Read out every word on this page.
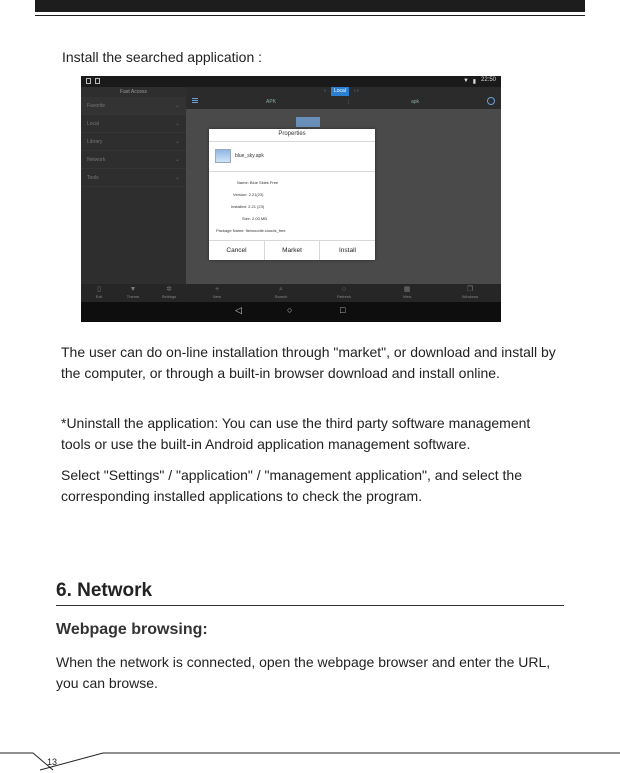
Install the searched application :
▼ ▮ 22:50
Fast Access
Favorite	⌄
Local	⌄
Library	⌄
Network	⌄
Tools	⌄
‹	Local	› ›
APK	⋮	apk
▯
Exit
▼
Theme
✲
Settings
+
New
⌕
Search
○
Refresh
▦
View
❐
Windows
◁	○	□
Properties
blue_sky.apk
Name: Blue Skies Free
Version: 2.21(23)
Installed: 2.21 (23)
Size: 2.00 MB
Package Name: fishnoodle.clouds_free
Cancel	Market	Install
The user can do on-line installation through "market", or download and install by the computer, or through a built-in browser download and install online.
*Uninstall the application: You can use the third party software management tools or use the built-in Android application management software.
Select "Settings" / "application" / "management application", and select the corresponding installed applications to check the program.
6. Network
Webpage browsing:
When the network is connected, open the webpage browser and enter the URL, you can browse.
13
